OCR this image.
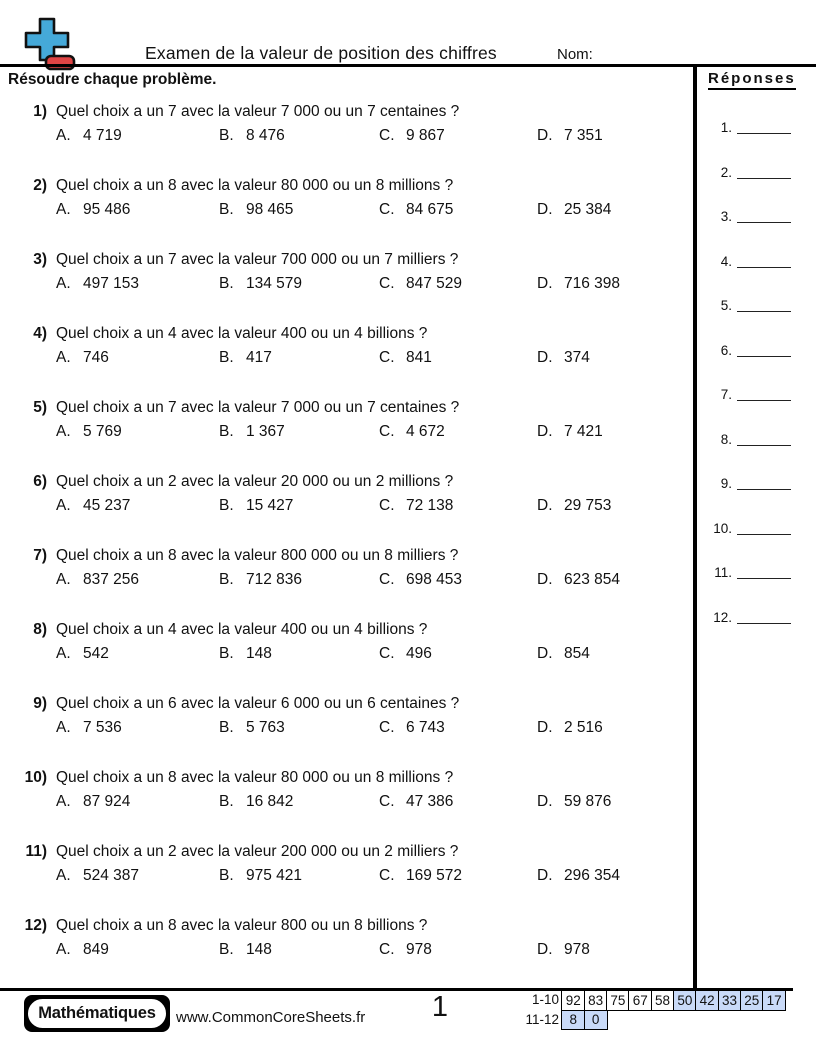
Examen de la valeur de position des chiffres	Nom:
Résoudre chaque problème.
1) Quel choix a un 7 avec la valeur 7 000 ou un 7 centaines ?
A. 4 719	B. 8 476	C. 9 867	D. 7 351
2) Quel choix a un 8 avec la valeur 80 000 ou un 8 millions ?
A. 95 486	B. 98 465	C. 84 675	D. 25 384
3) Quel choix a un 7 avec la valeur 700 000 ou un 7 milliers ?
A. 497 153	B. 134 579	C. 847 529	D. 716 398
4) Quel choix a un 4 avec la valeur 400 ou un 4 billions ?
A. 746	B. 417	C. 841	D. 374
5) Quel choix a un 7 avec la valeur 7 000 ou un 7 centaines ?
A. 5 769	B. 1 367	C. 4 672	D. 7 421
6) Quel choix a un 2 avec la valeur 20 000 ou un 2 millions ?
A. 45 237	B. 15 427	C. 72 138	D. 29 753
7) Quel choix a un 8 avec la valeur 800 000 ou un 8 milliers ?
A. 837 256	B. 712 836	C. 698 453	D. 623 854
8) Quel choix a un 4 avec la valeur 400 ou un 4 billions ?
A. 542	B. 148	C. 496	D. 854
9) Quel choix a un 6 avec la valeur 6 000 ou un 6 centaines ?
A. 7 536	B. 5 763	C. 6 743	D. 2 516
10) Quel choix a un 8 avec la valeur 80 000 ou un 8 millions ?
A. 87 924	B. 16 842	C. 47 386	D. 59 876
11) Quel choix a un 2 avec la valeur 200 000 ou un 2 milliers ?
A. 524 387	B. 975 421	C. 169 572	D. 296 354
12) Quel choix a un 8 avec la valeur 800 ou un 8 billions ?
A. 849	B. 148	C. 978	D. 978
Réponses
1.
2.
3.
4.
5.
6.
7.
8.
9.
10.
11.
12.
Mathématiques www.CommonCoreSheets.fr	1	1-10 92 83 75 67 58 50 42 33 25 17
11-12 8	0
